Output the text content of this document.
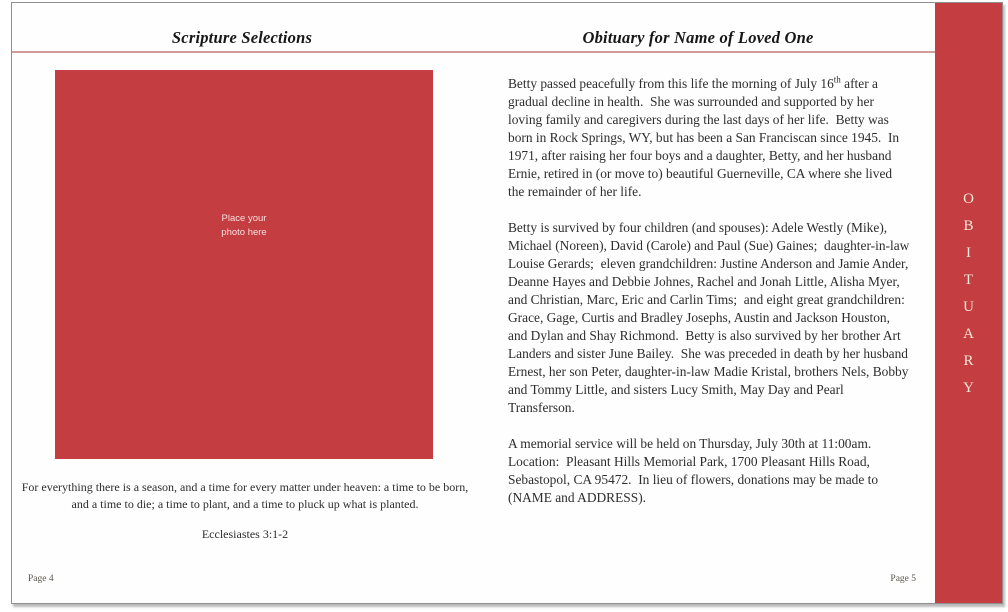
Scripture Selections	Obituary for Name of Loved One
Place your
photo here
For everything there is a season, and a time for every matter under heaven: a time to be born, and a time to die; a time to plant, and a time to pluck up what is planted.
Ecclesiastes 3:1-2

Betty passed peacefully from this life the morning of July 16th after a gradual decline in health.  She was surrounded and supported by her loving family and caregivers during the last days of her life.  Betty was born in Rock Springs, WY, but has been a San Franciscan since 1945.  In 1971, after raising her four boys and a daughter, Betty, and her husband Ernie, retired in (or move to) beautiful Guerneville, CA where she lived the remainder of her life.

Betty is survived by four children (and spouses): Adele Westly (Mike), Michael (Noreen), David (Carole) and Paul (Sue) Gaines;  daughter-in-law Louise Gerards;  eleven grandchildren: Justine Anderson and Jamie Ander, Deanne Hayes and Debbie Johnes, Rachel and Jonah Little, Alisha Myer, and Christian, Marc, Eric and Carlin Tims;  and eight great grandchildren: Grace, Gage, Curtis and Bradley Josephs, Austin and Jackson Houston, and Dylan and Shay Richmond.  Betty is also survived by her brother Art Landers and sister June Bailey.  She was preceded in death by her husband Ernest, her son Peter, daughter-in-law Madie Kristal, brothers Nels, Bobby and Tommy Little, and sisters Lucy Smith, May Day and Pearl Transferson.

A memorial service will be held on Thursday, July 30th at 11:00am.  Location:  Pleasant Hills Memorial Park, 1700 Pleasant Hills Road, Sebastopol, CA 95472.  In lieu of flowers, donations may be made to (NAME and ADDRESS).

O
B
I
T
U
A
R
Y
Page 4	Page 5
